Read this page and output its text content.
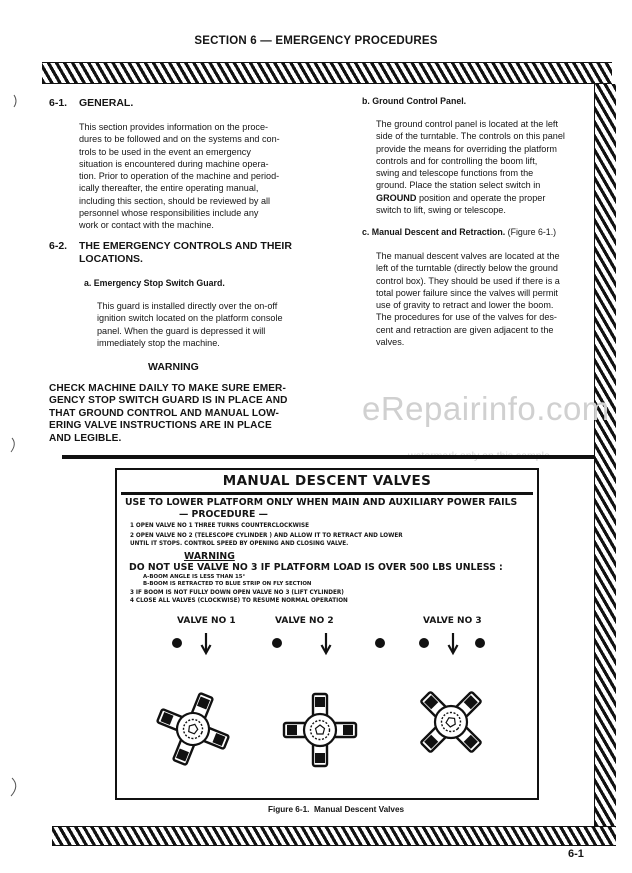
SECTION 6 — EMERGENCY PROCEDURES
6-1. GENERAL.
This section provides information on the proce-
dures to be followed and on the systems and con-
trols to be used in the event an emergency
situation is encountered during machine opera-
tion. Prior to operation of the machine and period-
ically thereafter, the entire operating manual,
including this section, should be reviewed by all
personnel whose responsibilities include any
work or contact with the machine.
6-2. THE EMERGENCY CONTROLS AND THEIR
LOCATIONS.
a. Emergency Stop Switch Guard.
This guard is installed directly over the on-off
ignition switch located on the platform console
panel. When the guard is depressed it will
immediately stop the machine.
WARNING
CHECK MACHINE DAILY TO MAKE SURE EMER-
GENCY STOP SWITCH GUARD IS IN PLACE AND
THAT GROUND CONTROL AND MANUAL LOW-
ERING VALVE INSTRUCTIONS ARE IN PLACE
AND LEGIBLE.
b. Ground Control Panel.
The ground control panel is located at the left
side of the turntable. The controls on this panel
provide the means for overriding the platform
controls and for controlling the boom lift,
swing and telescope functions from the
ground. Place the station select switch in
GROUND position and operate the proper
switch to lift, swing or telescope.
c. Manual Descent and Retraction. (Figure 6-1.)
The manual descent valves are located at the
left of the turntable (directly below the ground
control box). They should be used if there is a
total power failure since the valves will permit
use of gravity to retract and lower the boom.
The procedures for use of the valves for des-
cent and retraction are given adjacent to the
valves.
eRepairinfo.com
MANUAL DESCENT VALVES
USE TO LOWER PLATFORM ONLY WHEN MAIN AND AUXILIARY POWER FAILS
— PROCEDURE —
1 OPEN VALVE NO 1 THREE TURNS COUNTERCLOCKWISE
2 OPEN VALVE NO 2 (TELESCOPE CYLINDER ) AND ALLOW IT TO RETRACT AND LOWER
UNTIL IT STOPS. CONTROL SPEED BY OPENING AND CLOSING VALVE.
WARNING
DO NOT USE VALVE NO 3 IF PLATFORM LOAD IS OVER 500 LBS UNLESS :
A-BOOM ANGLE IS LESS THAN 15°
B-BOOM IS RETRACTED TO BLUE STRIP ON FLY SECTION
3 IF BOOM IS NOT FULLY DOWN OPEN VALVE NO 3 (LIFT CYLINDER)
4 CLOSE ALL VALVES (CLOCKWISE) TO RESUME NORMAL OPERATION
VALVE NO 1	VALVE NO 2	VALVE NO 3
Figure 6-1. Manual Descent Valves
6-1
